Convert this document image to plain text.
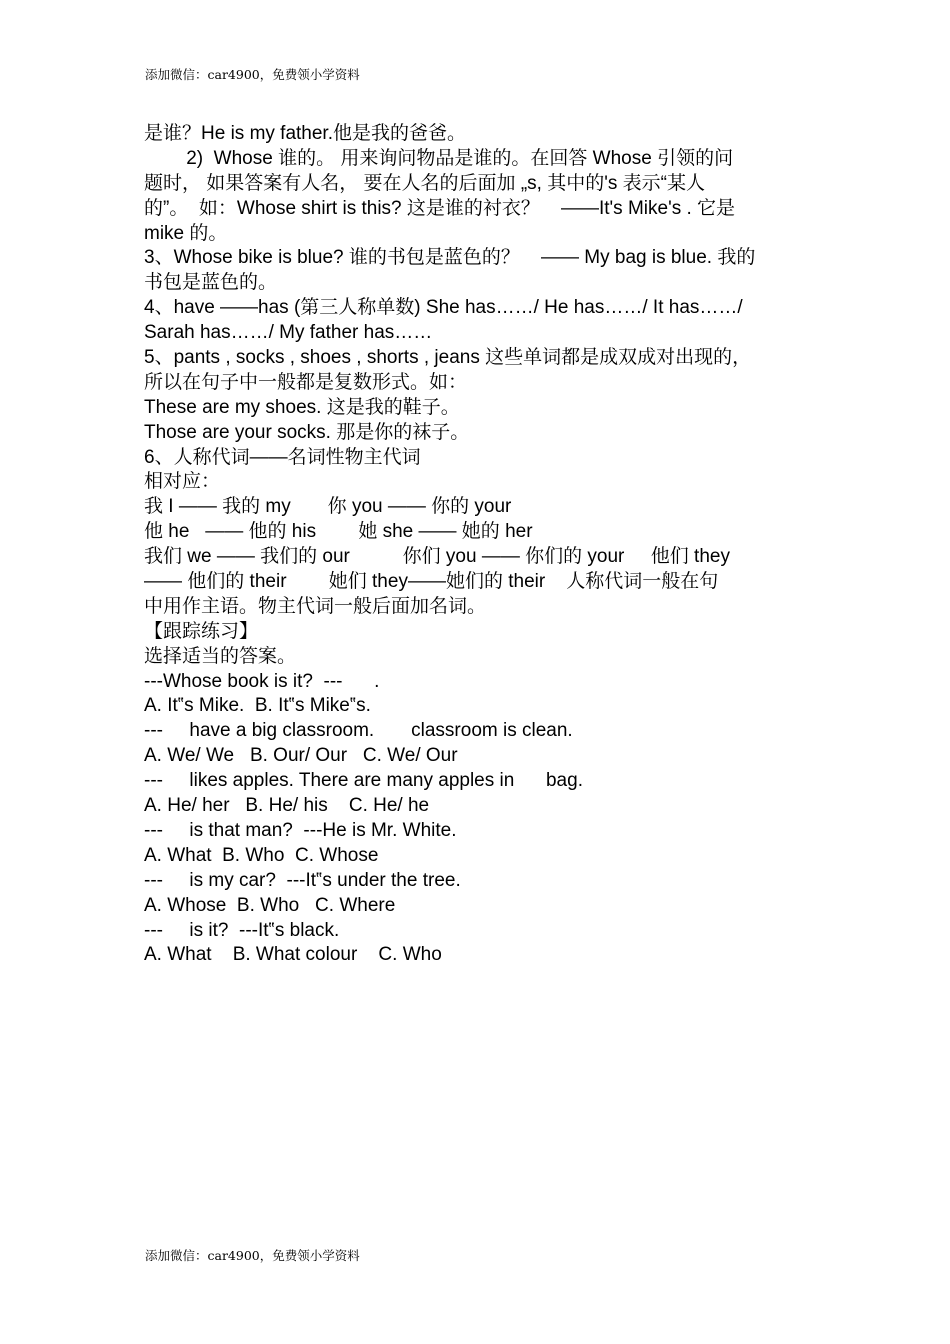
添加微信：car4900，免费领小学资料
是谁？He is my father.他是我的爸爸。
2)  Whose 谁的。 用来询问物品是谁的。在回答 Whose 引领的问
题时， 如果答案有人名， 要在人名的后面加 „s, 其中的's 表示“某人
的”。  如：Whose shirt is this? 这是谁的衬衣？    ——It's Mike's . 它是
mike 的。
3、Whose bike is blue? 谁的书包是蓝色的？    —— My bag is blue. 我的
书包是蓝色的。
4、have ——has (第三人称单数) She has……/ He has……/ It has……/
Sarah has……/ My father has……
5、pants , socks , shoes , shorts , jeans 这些单词都是成双成对出现的，
所以在句子中一般都是复数形式。如：
These are my shoes. 这是我的鞋子。
Those are your socks. 那是你的袜子。
6、人称代词——名词性物主代词
相对应：
我 I —— 我的 my       你 you —— 你的 your
他 he   —— 他的 his        她 she —— 她的 her
我们 we —— 我们的 our          你们 you —— 你们的 your     他们 they
—— 他们的 their        她们 they——她们的 their    人称代词一般在句
中用作主语。物主代词一般后面加名词。
【跟踪练习】
选择适当的答案。
---Whose book is it?  ---      .
A. It‟s Mike.  B. It‟s Mike‟s.
---     have a big classroom.       classroom is clean.
A. We/ We   B. Our/ Our   C. We/ Our
---     likes apples. There are many apples in      bag.
A. He/ her   B. He/ his    C. He/ he
---     is that man?  ---He is Mr. White.
A. What  B. Who  C. Whose
---     is my car?  ---It‟s under the tree.
A. Whose  B. Who   C. Where
---     is it?  ---It‟s black.
A. What    B. What colour    C. Who
添加微信：car4900，免费领小学资料
